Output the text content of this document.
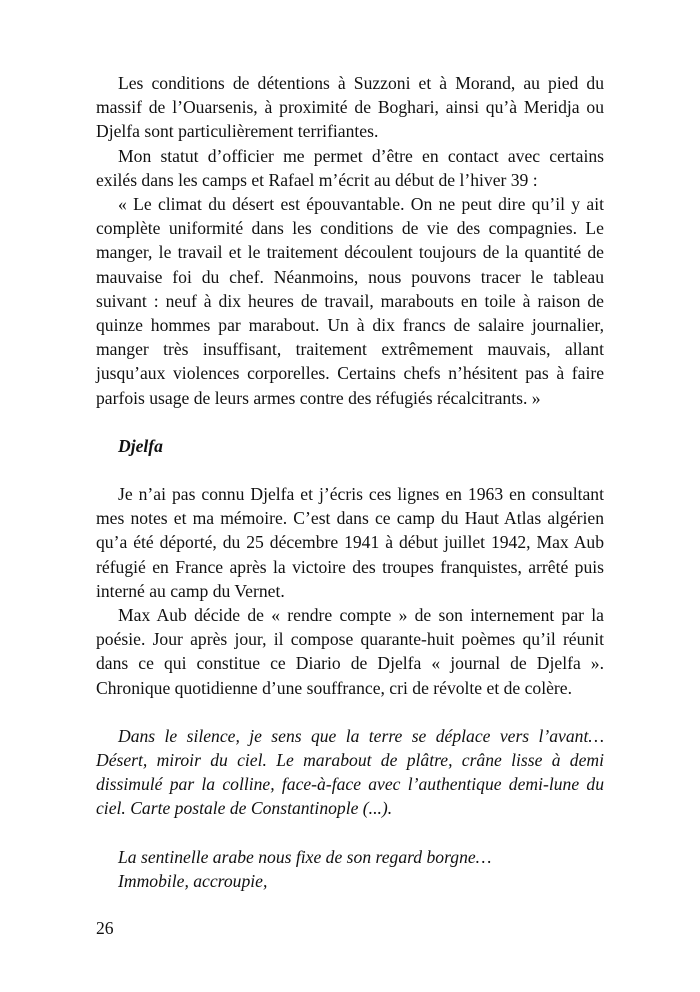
Les conditions de détentions à Suzzoni et à Morand, au pied du massif de l’Ouarsenis, à proximité de Boghari, ainsi qu’à Meridja ou Djelfa sont particulièrement terrifiantes.

Mon statut d’officier me permet d’être en contact avec certains exilés dans les camps et Rafael m’écrit au début de l’hiver 39 :

« Le climat du désert est épouvantable. On ne peut dire qu’il y ait complète uniformité dans les conditions de vie des compagnies. Le manger, le travail et le traitement découlent toujours de la quantité de mauvaise foi du chef. Néanmoins, nous pouvons tracer le tableau suivant : neuf à dix heures de travail, marabouts en toile à raison de quinze hommes par marabout. Un à dix francs de salaire journalier, manger très insuffisant, traitement extrêmement mauvais, allant jusqu’aux violences corporelles. Certains chefs n’hésitent pas à faire parfois usage de leurs armes contre des réfugiés récalcitrants. »

Djelfa

Je n’ai pas connu Djelfa et j’écris ces lignes en 1963 en consultant mes notes et ma mémoire. C’est dans ce camp du Haut Atlas algérien qu’a été déporté, du 25 décembre 1941 à début juillet 1942, Max Aub réfugié en France après la victoire des troupes franquistes, arrêté puis interné au camp du Vernet.

Max Aub décide de « rendre compte » de son internement par la poésie. Jour après jour, il compose quarante-huit poèmes qu’il réunit dans ce qui constitue ce Diario de Djelfa « journal de Djelfa ». Chronique quotidienne d’une souffrance, cri de révolte et de colère.

Dans le silence, je sens que la terre se déplace vers l’avant… Désert, miroir du ciel. Le marabout de plâtre, crâne lisse à demi dissimulé par la colline, face-à-face avec l’authentique demi-lune du ciel. Carte postale de Constantinople (...).

La sentinelle arabe nous fixe de son regard borgne…

Immobile, accroupie,

26
